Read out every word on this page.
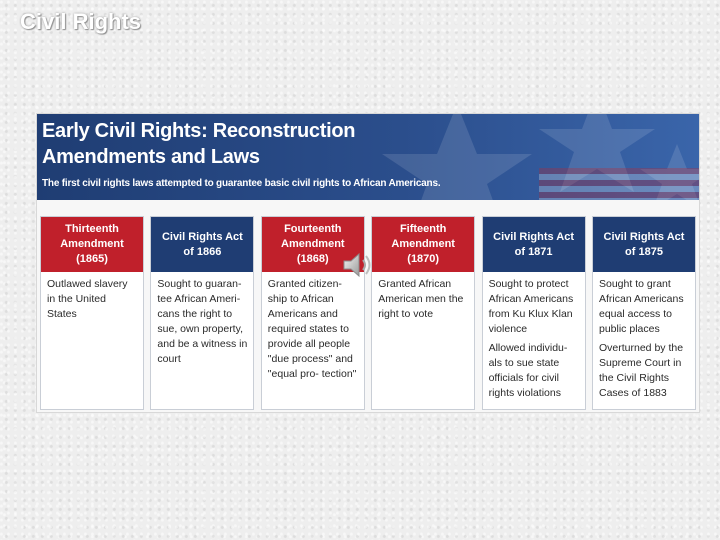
Civil Rights
Early Civil Rights: Reconstruction
Amendments and Laws

The first civil rights laws attempted to guarantee basic civil rights to African Americans.

Thirteenth
Amendment
(1865)

Outlawed slavery in the United States

Civil Rights Act
of 1866

Sought to guaran- tee African Ameri- cans the right to sue, own property, and be a witness in court

Fourteenth
Amendment
(1868)

Granted citizen- ship to African Americans and required states to provide all people "due process" and "equal pro- tection"

Fifteenth
Amendment
(1870)

Granted African American men the right to vote

Civil Rights Act
of 1871

Sought to protect African Americans from Ku Klux Klan violence

Allowed individu- als to sue state officials for civil rights violations

Civil Rights Act
of 1875

Sought to grant African Americans equal access to public places

Overturned by the Supreme Court in the Civil Rights Cases of 1883
